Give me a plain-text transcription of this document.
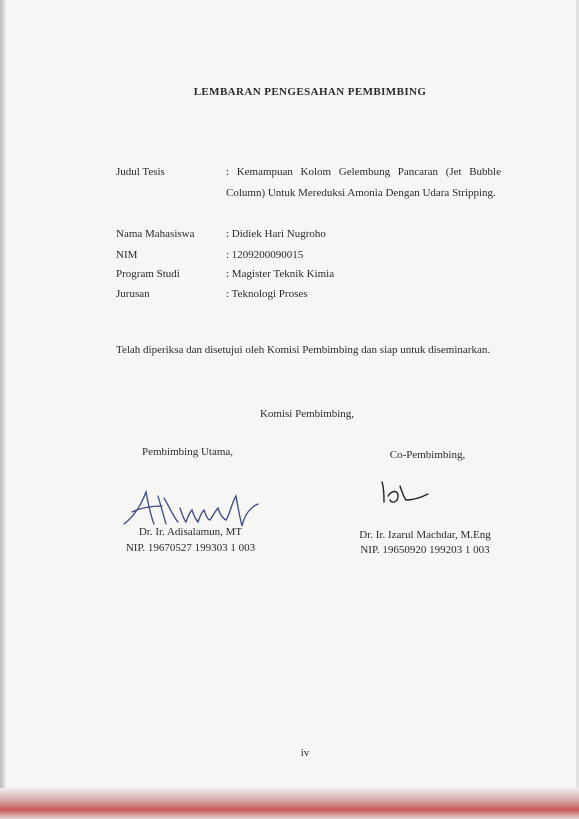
LEMBARAN PENGESAHAN PEMBIMBING
Judul Tesis	: Kemampuan Kolom Gelembung Pancaran (Jet Bubble Column) Untuk Mereduksi Amonia Dengan Udara Stripping.
Nama Mahasiswa	: Didiek Hari Nugroho
NIM	: 1209200090015
Program Studi	: Magister Teknik Kimia
Jurusan	: Teknologi Proses
Telah diperiksa dan disetujui oleh Komisi Pembimbing dan siap untuk diseminarkan.
Komisi Pembimbing,
Pembimbing Utama,	Co-Pembimbing,
Dr. Ir. Adisalamun, MT
NIP. 19670527 199303 1 003
Dr. Ir. Izarul Machdar, M.Eng
NIP. 19650920 199203 1 003
iv
